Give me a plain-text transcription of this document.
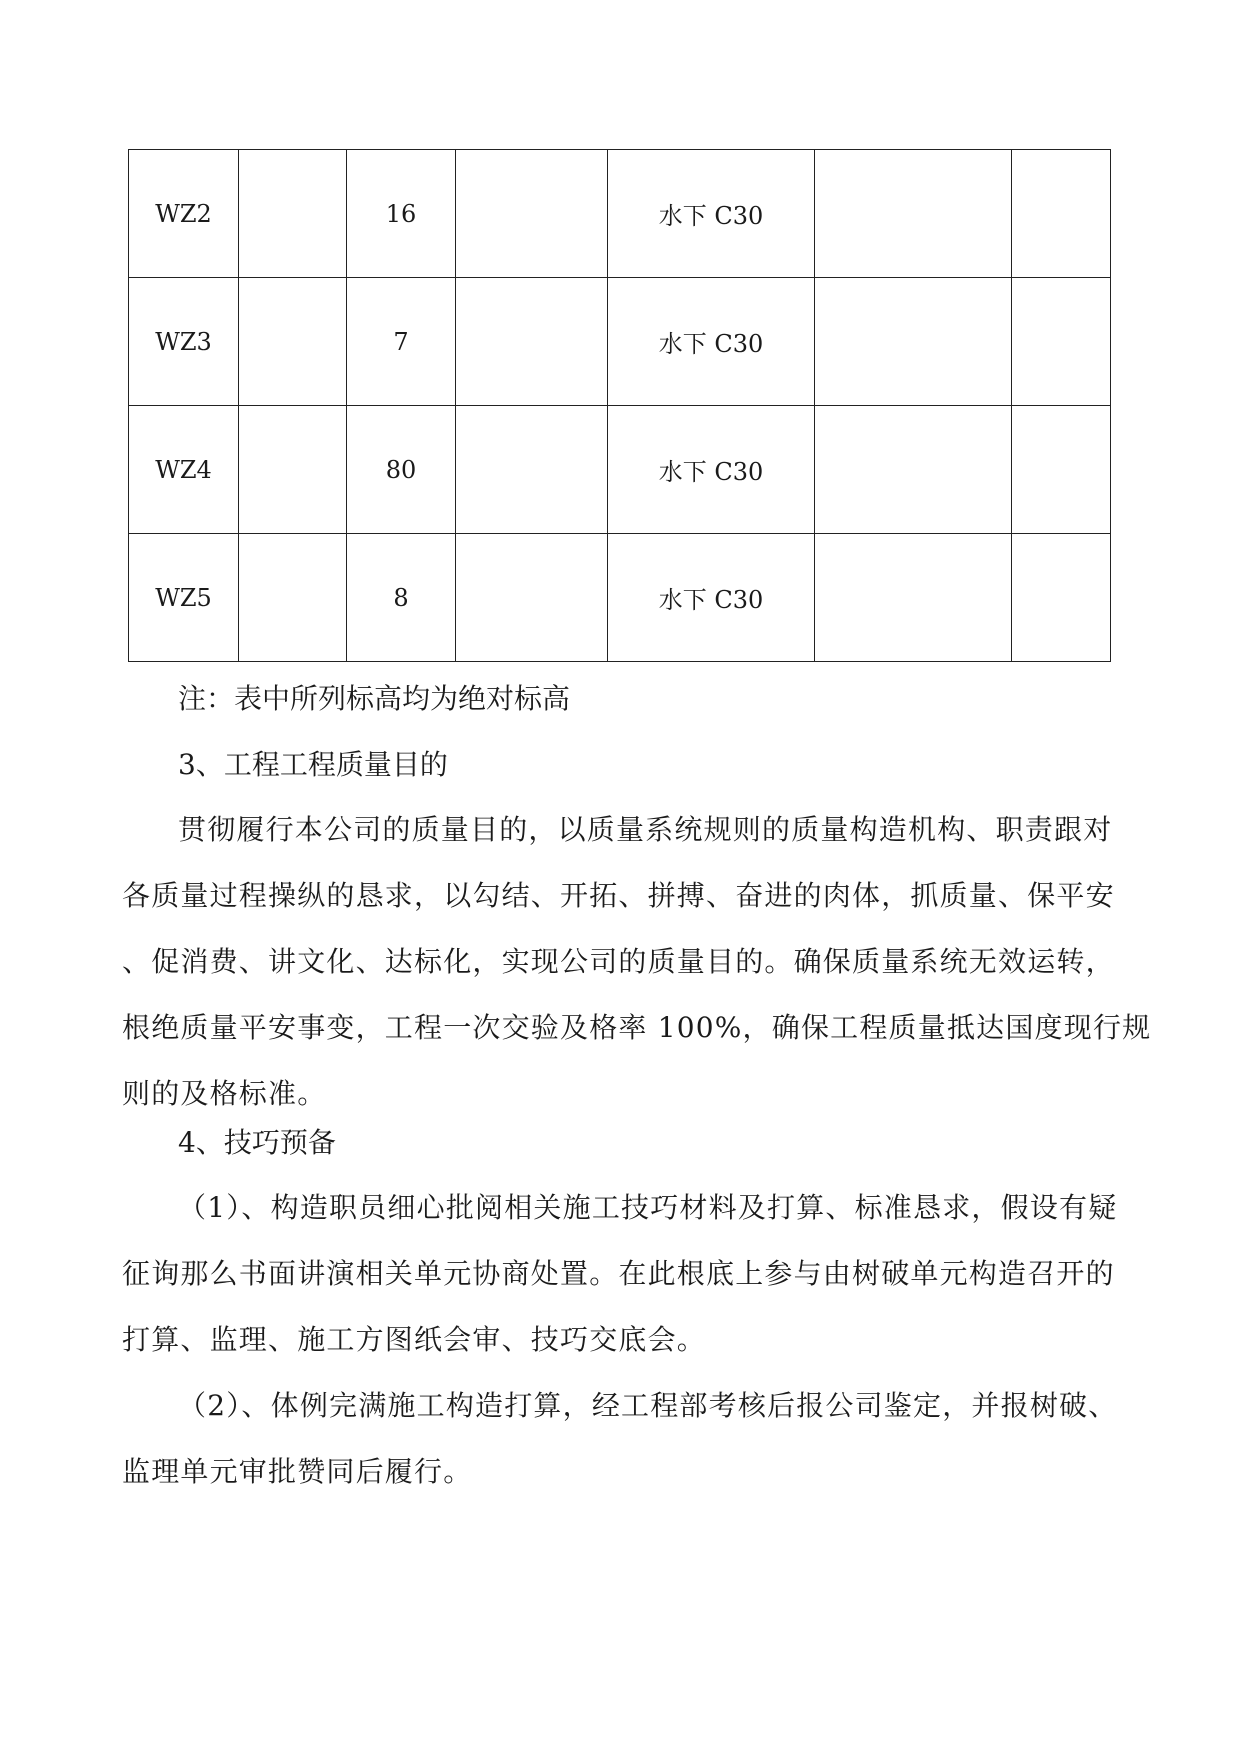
WZ2		16		水下 C30		
WZ3		7		水下 C30		
WZ4		80		水下 C30		
WZ5		8		水下 C30		
注：表中所列标高均为绝对标高
3、工程工程质量目的
贯彻履行本公司的质量目的，以质量系统规则的质量构造机构、职责跟对
各质量过程操纵的恳求，以勾结、开拓、拼搏、奋进的肉体，抓质量、保平安
、促消费、讲文化、达标化，实现公司的质量目的。确保质量系统无效运转，
根绝质量平安事变，工程一次交验及格率 100%，确保工程质量抵达国度现行规
则的及格标准。
4、技巧预备
（1）、构造职员细心批阅相关施工技巧材料及打算、标准恳求，假设有疑
征询那么书面讲演相关单元协商处置。在此根底上参与由树破单元构造召开的
打算、监理、施工方图纸会审、技巧交底会。
（2）、体例完满施工构造打算，经工程部考核后报公司鉴定，并报树破、
监理单元审批赞同后履行。
